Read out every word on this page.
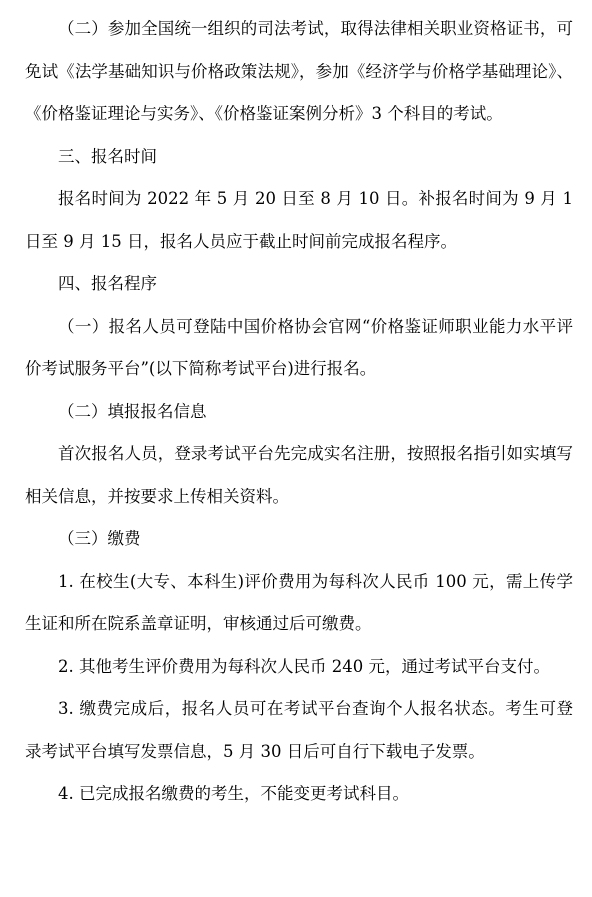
（二）参加全国统一组织的司法考试，取得法律相关职业资格证书，可免试《法学基础知识与价格政策法规》，参加《经济学与价格学基础理论》、《价格鉴证理论与实务》、《价格鉴证案例分析》3 个科目的考试。

三、报名时间

报名时间为 2022 年 5 月 20 日至 8 月 10 日。补报名时间为 9 月 1 日至 9 月 15 日，报名人员应于截止时间前完成报名程序。

四、报名程序

（一）报名人员可登陆中国价格协会官网“价格鉴证师职业能力水平评价考试服务平台”(以下简称考试平台)进行报名。

（二）填报报名信息

首次报名人员，登录考试平台先完成实名注册，按照报名指引如实填写相关信息，并按要求上传相关资料。

（三）缴费

1. 在校生(大专、本科生)评价费用为每科次人民币 100 元，需上传学生证和所在院系盖章证明，审核通过后可缴费。

2. 其他考生评价费用为每科次人民币 240 元，通过考试平台支付。

3. 缴费完成后，报名人员可在考试平台查询个人报名状态。考生可登录考试平台填写发票信息，5 月 30 日后可自行下载电子发票。

4. 已完成报名缴费的考生，不能变更考试科目。
